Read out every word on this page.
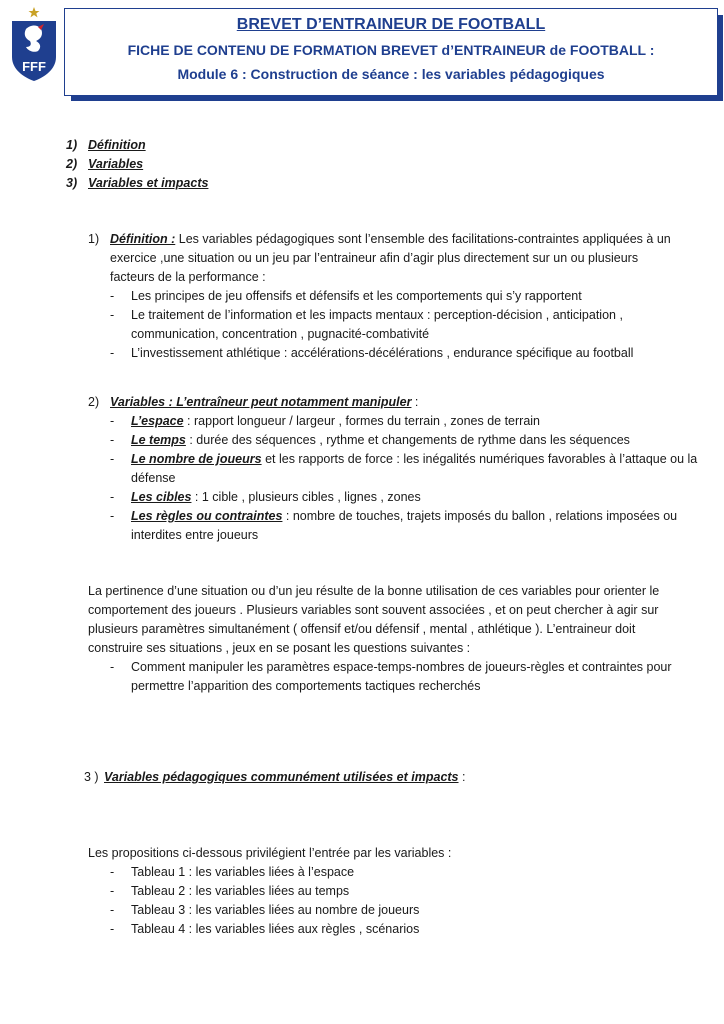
FFF
BREVET D’ENTRAINEUR DE FOOTBALL
FICHE DE CONTENU DE FORMATION BREVET d’ENTRAINEUR de FOOTBALL :
Module 6 : Construction de séance : les variables pédagogiques
1) Définition
2) Variables
3) Variables et impacts
1) Définition : Les variables pédagogiques sont l’ensemble des facilitations-contraintes appliquées à un
exercice ,une situation ou un jeu par l’entraineur afin d’agir plus directement sur un ou plusieurs
facteurs de la performance :
- Les principes de jeu offensifs et défensifs et les comportements qui s’y rapportent
- Le traitement de l’information et les impacts mentaux : perception-décision , anticipation ,
communication, concentration , pugnacité-combativité
- L’investissement athlétique : accélérations-décélérations , endurance spécifique au football
2) Variables : L’entraîneur peut notamment manipuler :
- L’espace : rapport longueur / largeur , formes du terrain , zones de terrain
- Le temps : durée des séquences , rythme et changements de rythme dans les séquences
- Le nombre de joueurs et les rapports de force : les inégalités numériques favorables à l’attaque ou la
défense
- Les cibles : 1 cible , plusieurs cibles , lignes , zones
- Les règles ou contraintes : nombre de touches, trajets imposés du ballon , relations imposées ou
interdites entre joueurs
La pertinence d’une situation ou d’un jeu résulte de la bonne utilisation de ces variables pour orienter le
comportement des joueurs . Plusieurs variables sont souvent associées , et on peut chercher à agir sur
plusieurs paramètres simultanément ( offensif et/ou défensif , mental , athlétique ). L’entraineur doit
construire ses situations , jeux en se posant les questions suivantes :
- Comment manipuler les paramètres espace-temps-nombres de joueurs-règles et contraintes pour
permettre l’apparition des comportements tactiques recherchés
3 ) Variables pédagogiques communément utilisées et impacts :
Les propositions ci-dessous privilégient l’entrée par les variables :
- Tableau 1 : les variables liées à l’espace
- Tableau 2 : les variables liées au temps
- Tableau 3 : les variables liées au nombre de joueurs
- Tableau 4 : les variables liées aux règles , scénarios
